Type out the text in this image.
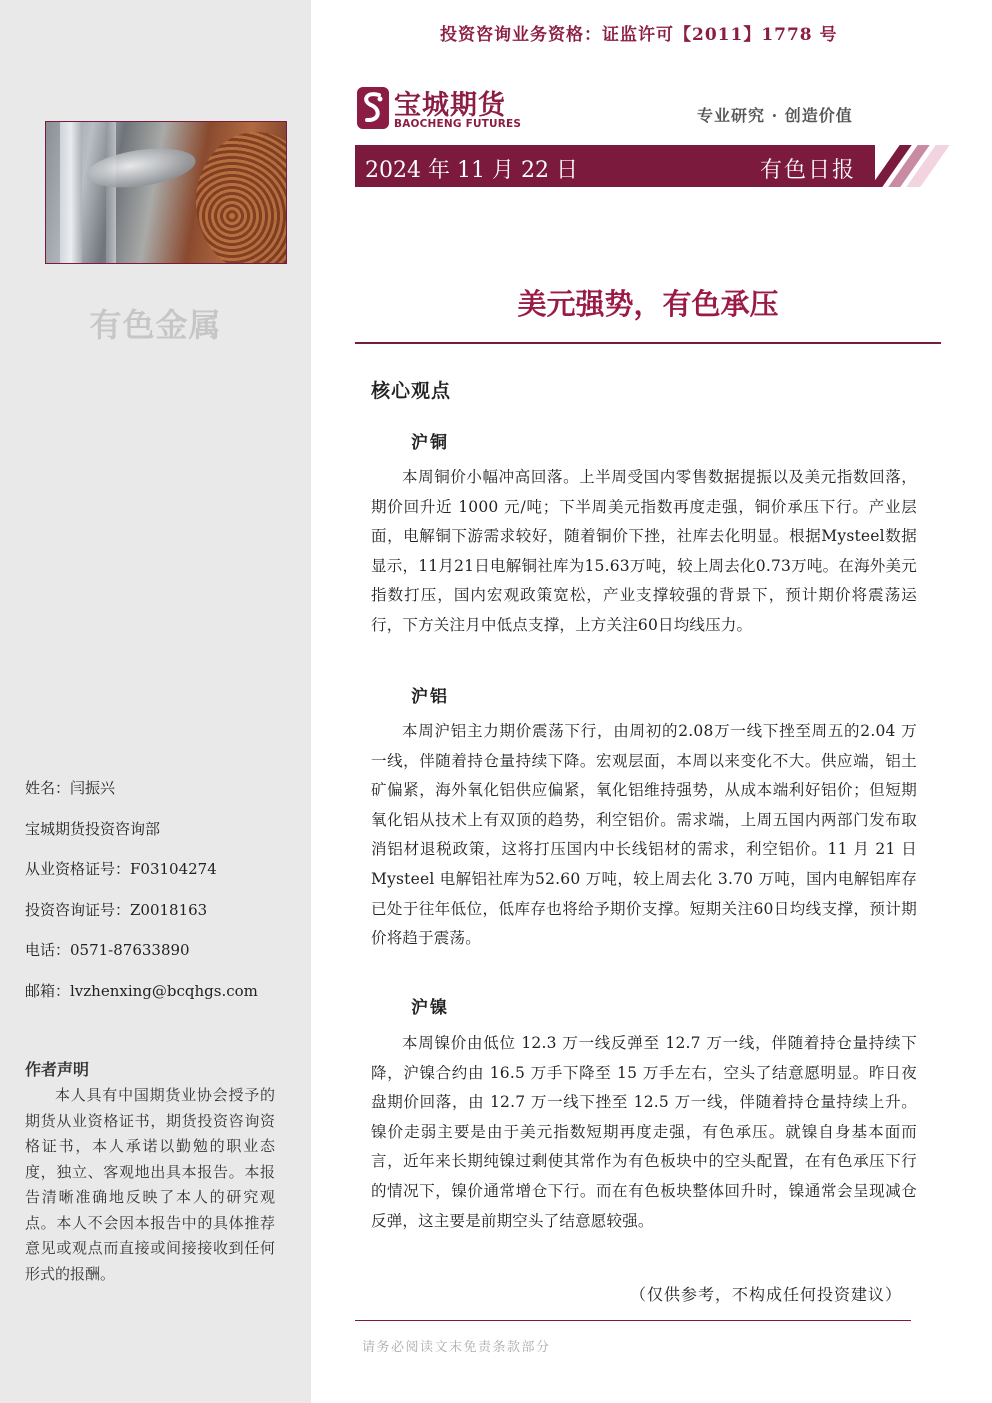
有色金属
姓名：闫振兴
宝城期货投资咨询部
从业资格证号：F03104274
投资咨询证号：Z0018163
电话：0571-87633890
邮箱：lvzhenxing@bcqhgs.com
作者声明
本人具有中国期货业协会授予的期货从业资格证书，期货投资咨询资格证书，本人承诺以勤勉的职业态度，独立、客观地出具本报告。本报告清晰准确地反映了本人的研究观点。本人不会因本报告中的具体推荐意见或观点而直接或间接接收到任何形式的报酬。
投资咨询业务资格：证监许可【2011】1778 号
宝城期货
BAOCHENG FUTURES	专业研究 · 创造价值
2024 年 11 月 22 日	有色日报
美元强势，有色承压
核心观点
沪铜
本周铜价小幅冲高回落。上半周受国内零售数据提振以及美元指数回落，期价回升近 1000 元/吨；下半周美元指数再度走强，铜价承压下行。产业层面，电解铜下游需求较好，随着铜价下挫，社库去化明显。根据Mysteel数据显示，11月21日电解铜社库为15.63万吨，较上周去化0.73万吨。在海外美元指数打压，国内宏观政策宽松，产业支撑较强的背景下，预计期价将震荡运行，下方关注月中低点支撑，上方关注60日均线压力。
沪铝
本周沪铝主力期价震荡下行，由周初的2.08万一线下挫至周五的2.04 万一线，伴随着持仓量持续下降。宏观层面，本周以来变化不大。供应端，铝土矿偏紧，海外氧化铝供应偏紧，氧化铝维持强势，从成本端利好铝价；但短期氧化铝从技术上有双顶的趋势，利空铝价。需求端，上周五国内两部门发布取消铝材退税政策，这将打压国内中长线铝材的需求，利空铝价。11 月 21 日 Mysteel 电解铝社库为52.60 万吨，较上周去化 3.70 万吨，国内电解铝库存已处于往年低位，低库存也将给予期价支撑。短期关注60日均线支撑，预计期价将趋于震荡。
沪镍
本周镍价由低位 12.3 万一线反弹至 12.7 万一线，伴随着持仓量持续下降，沪镍合约由 16.5 万手下降至 15 万手左右，空头了结意愿明显。昨日夜盘期价回落，由 12.7 万一线下挫至 12.5 万一线，伴随着持仓量持续上升。镍价走弱主要是由于美元指数短期再度走强，有色承压。就镍自身基本面而言，近年来长期纯镍过剩使其常作为有色板块中的空头配置，在有色承压下行的情况下，镍价通常增仓下行。而在有色板块整体回升时，镍通常会呈现减仓反弹，这主要是前期空头了结意愿较强。
（仅供参考，不构成任何投资建议）
请务必阅读文末免责条款部分
